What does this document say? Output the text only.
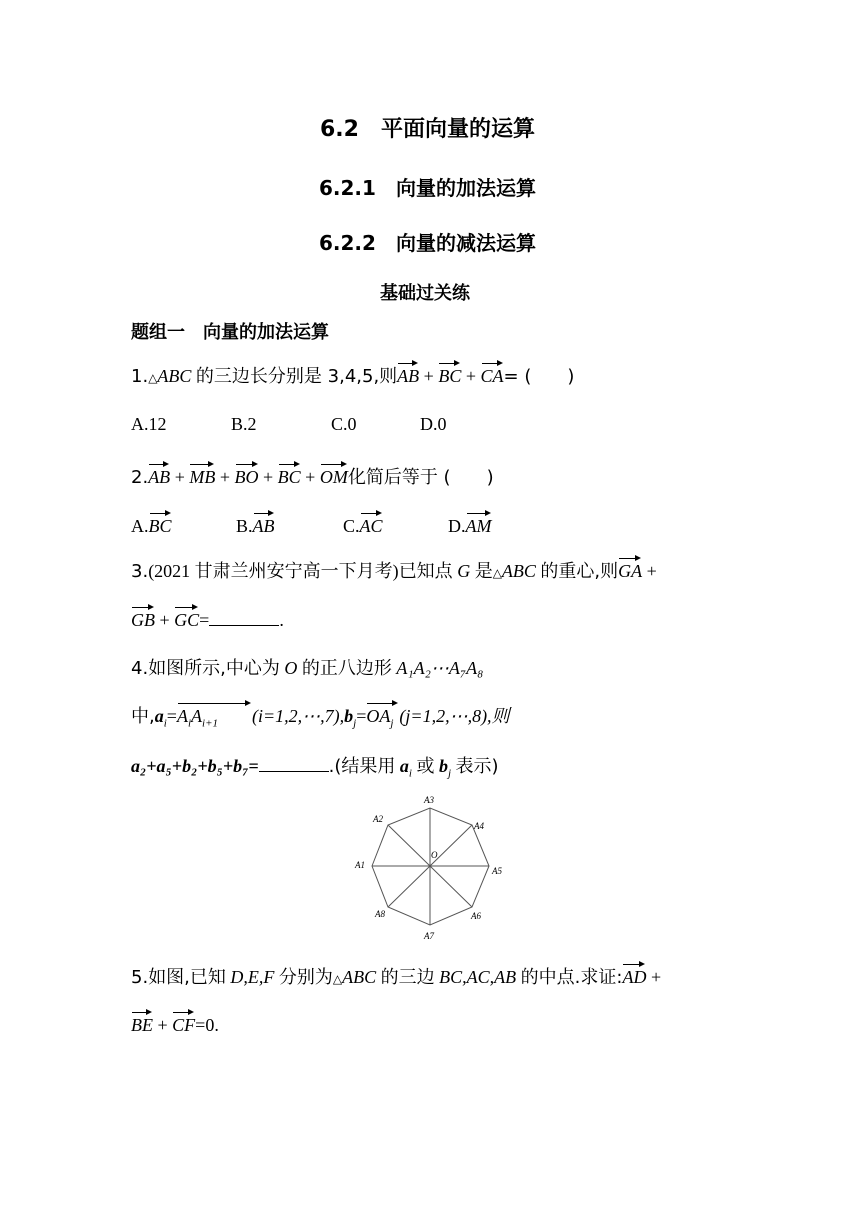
6.2　平面向量的运算
6.2.1　向量的加法运算
6.2.2　向量的减法运算
基础过关练
题组一　向量的加法运算
1.△ABC 的三边长分别是 3,4,5,则AB + BC + CA= (　　)
A.12	B.2	C.0	D.0
2.AB + MB + BO + BC + OM化简后等于 (　　)
A.BC	B.AB	C.AC	D.AM
3.(2021 甘肃兰州安宁高一下月考)已知点 G 是△ABC 的重心,则GA +
GB + GC=	.
4.如图所示,中心为 O 的正八边形 A₁A₂⋯A₇A₈
中$,a_i=A_iA_{i+1}$ $(i=1,2,\cdots,7),b_j=OA_j$ (j=1,2,⋯,8),则
a₂+a₅+b₂+b₅+b₇=	.(结果用 $a_i$ 或 $b_j$ 表示)
A1
A2
A3
A4
A5
A6
A7
A8
O
5.如图,已知 D,E,F 分别为△ABC 的三边 BC,AC,AB 的中点.求证:AD +
BE + CF=0.
